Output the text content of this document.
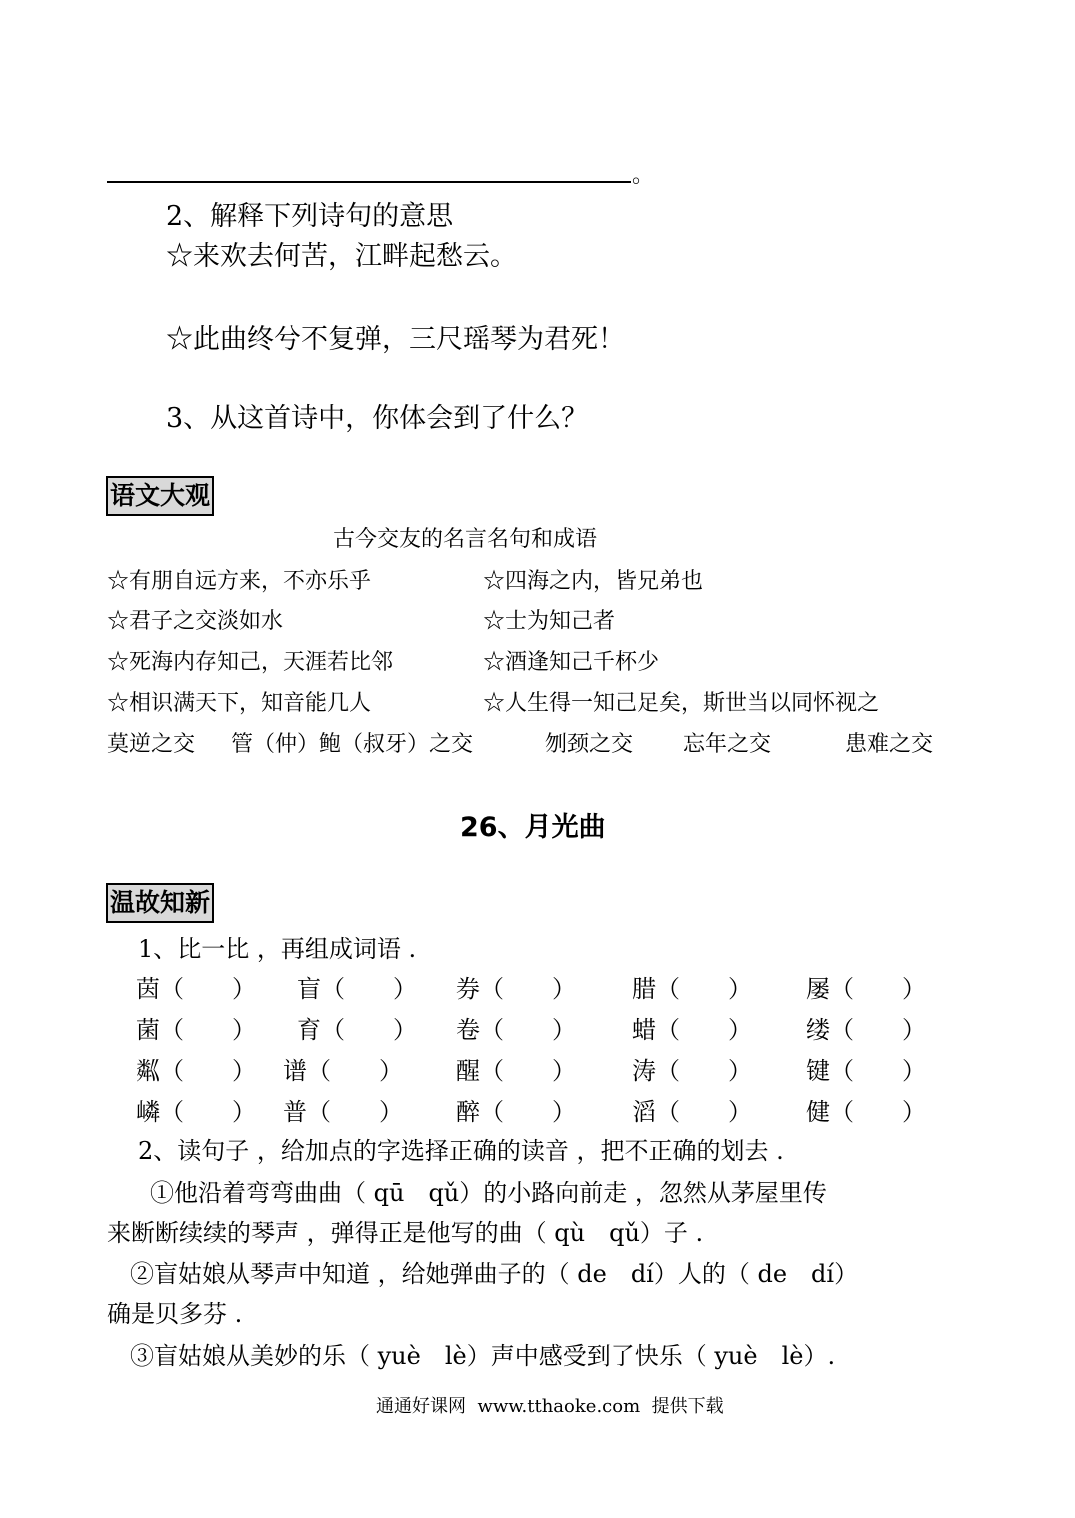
。
2、解释下列诗句的意思
☆来欢去何苦，江畔起愁云。
☆此曲终兮不复弹，三尺瑶琴为君死！
3、从这首诗中，你体会到了什么？
语文大观
古今交友的名言名句和成语
☆有朋自远方来，不亦乐乎
☆君子之交淡如水
☆死海内存知己，天涯若比邻
☆相识满天下，知音能几人
☆四海之内，皆兄弟也
☆士为知己者
☆酒逢知己千杯少
☆人生得一知己足矣，斯世当以同怀视之
莫逆之交 管（仲）鲍（叔牙）之交	刎颈之交 忘年之交	患难之交
26、月光曲
温故知新
1、比一比 ，再组成词语 .
茵（　　） 盲（　　） 券（　　） 腊（　　） 屡（　　）
菌（　　） 育（　　） 卷（　　） 蜡（　　） 缕（　　）
粼（　　） 谱（　　） 醒（　　） 涛（　　） 键（　　）
嶙（　　） 普（　　） 醉（　　） 滔（　　） 健（　　）
2、读句子 ，给加点的字选择正确的读音 ，把不正确的划去 .
①他沿着弯弯曲曲（ qū　qǔ）的小路向前走 ，忽然从茅屋里传
来断断续续的琴声 ，弹得正是他写的曲（ qù　qǔ）子 .
②盲姑娘从琴声中知道 ，给她弹曲子的（ de　dí）人的（ de　dí）
确是贝多芬 .
③盲姑娘从美妙的乐（ yuè　lè）声中感受到了快乐（ yuè　lè）.
通通好课网  www.tthaoke.com  提供下载
